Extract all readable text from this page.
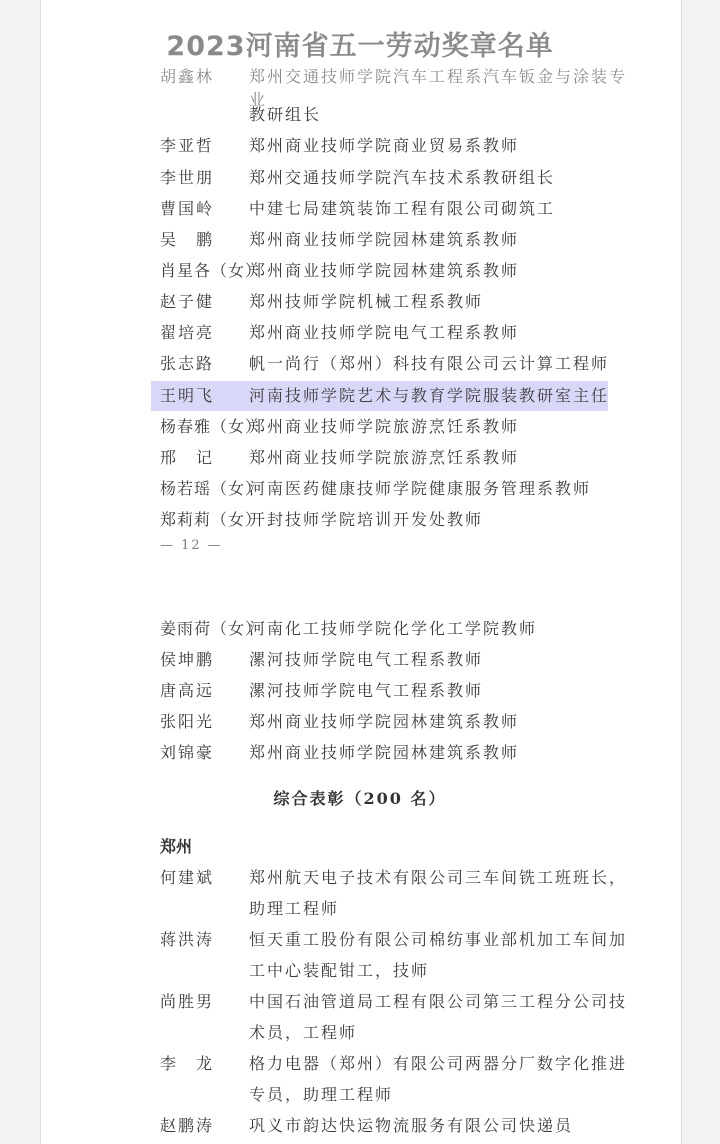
2023河南省五一劳动奖章名单
胡鑫林 郑州交通技师学院汽车工程系汽车钣金与涂装专业
教研组长
李亚哲 郑州商业技师学院商业贸易系教师
李世朋 郑州交通技师学院汽车技术系教研组长
曹国岭 中建七局建筑装饰工程有限公司砌筑工
吴　鹏 郑州商业技师学院园林建筑系教师
肖星各（女）
郑州商业技师学院园林建筑系教师
赵子健 郑州技师学院机械工程系教师
翟培亮 郑州商业技师学院电气工程系教师
张志路 帆一尚行（郑州）科技有限公司云计算工程师
王明飞 河南技师学院艺术与教育学院服装教研室主任
杨春雅（女）
郑州商业技师学院旅游烹饪系教师
邢　记 郑州商业技师学院旅游烹饪系教师
杨若瑶（女）
河南医药健康技师学院健康服务管理系教师
郑莉莉（女）
开封技师学院培训开发处教师
— 12 —
姜雨荷（女）
河南化工技师学院化学化工学院教师
侯坤鹏 漯河技师学院电气工程系教师
唐高远 漯河技师学院电气工程系教师
张阳光 郑州商业技师学院园林建筑系教师
刘锦豪 郑州商业技师学院园林建筑系教师
综合表彰（200 名）
郑州
何建斌 郑州航天电子技术有限公司三车间铣工班班长，
助理工程师
蒋洪涛 恒天重工股份有限公司棉纺事业部机加工车间加
工中心装配钳工，技师
尚胜男 中国石油管道局工程有限公司第三工程分公司技
术员，工程师
李　龙 格力电器（郑州）有限公司两器分厂数字化推进
专员，助理工程师
赵鹏涛 巩义市韵达快运物流服务有限公司快递员
